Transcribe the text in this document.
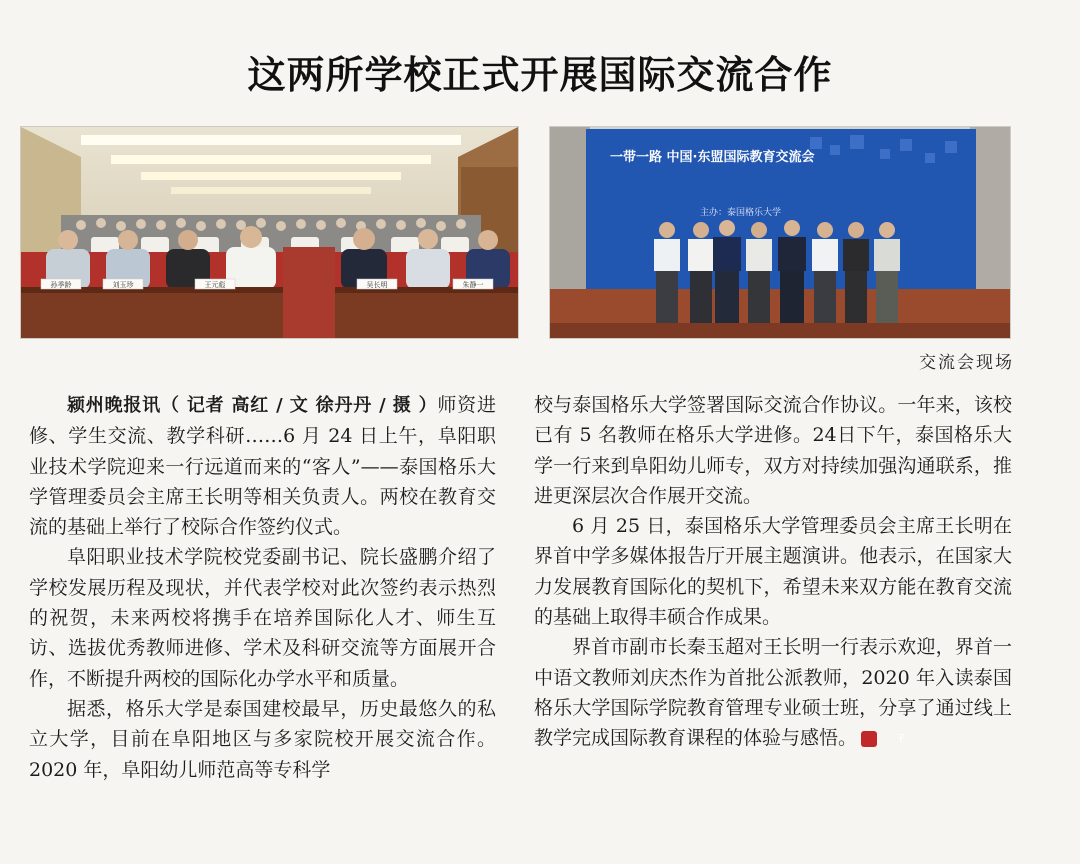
这两所学校正式开展国际交流合作
孙季龄	刘玉珍	王元彪	吴长明	朱静一
一带一路 中国·东盟国际教育交流会
主办：泰国格乐大学
交流会现场

颍州晚报讯（ 记者 高红 / 文 徐丹丹 / 摄 ）师资进修、学生交流、教学科研……6 月 24 日上午，阜阳职业技术学院迎来一行远道而来的“客人”——泰国格乐大学管理委员会主席王长明等相关负责人。两校在教育交流的基础上举行了校际合作签约仪式。

阜阳职业技术学院校党委副书记、院长盛鹏介绍了学校发展历程及现状，并代表学校对此次签约表示热烈的祝贺，未来两校将携手在培养国际化人才、师生互访、选拔优秀教师进修、学术及科研交流等方面展开合作，不断提升两校的国际化办学水平和质量。

据悉，格乐大学是泰国建校最早，历史最悠久的私立大学，目前在阜阳地区与多家院校开展交流合作。2020 年，阜阳幼儿师范高等专科学

校与泰国格乐大学签署国际交流合作协议。一年来，该校已有 5 名教师在格乐大学进修。24日下午，泰国格乐大学一行来到阜阳幼儿师专，双方对持续加强沟通联系，推进更深层次合作展开交流。

6 月 25 日，泰国格乐大学管理委员会主席王长明在界首中学多媒体报告厅开展主题演讲。他表示，在国家大力发展教育国际化的契机下，希望未来双方能在教育交流的基础上取得丰硕合作成果。

界首市副市长秦玉超对王长明一行表示欢迎，界首一中语文教师刘庆杰作为首批公派教师，2020 年入读泰国格乐大学国际学院教育管理专业硕士班，分享了通过线上教学完成国际教育课程的体验与感悟。	F
